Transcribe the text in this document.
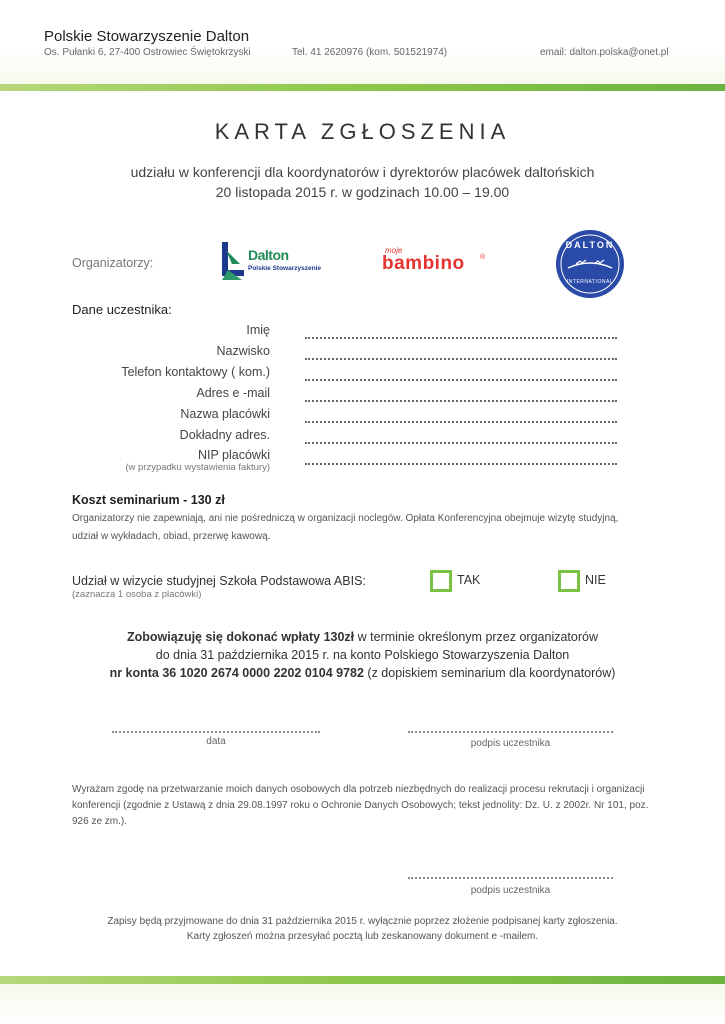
Polskie Stowarzyszenie Dalton
Os. Pułanki 6, 27-400 Ostrowiec Świętokrzyski	Tel. 41 2620976 (kom. 501521974)	email: dalton.polska@onet.pl
KARTA ZGŁOSZENIA
udziału w konferencji dla koordynatorów i dyrektorów placówek daltońskich
20 listopada 2015 r. w godzinach 10.00 – 19.00
Organizatorzy:	Dalton
Polskie Stowarzyszenie
moje
bambino ®
DALTON
INTERNATIONAL
Dane uczestnika:
Imię
Nazwisko
Telefon kontaktowy ( kom.)
Adres e -mail
Nazwa placówki
Dokładny adres.
NIP placówki
(w przypadku wystawienia faktury)
Koszt seminarium - 130 zł
Organizatorzy nie zapewniają, ani nie pośredniczą w organizacji noclegów. Opłata Konferencyjna obejmuje wizytę studyjną, udział w wykładach, obiad, przerwę kawową.
Udział w wizycie studyjnej Szkoła Podstawowa ABIS:
(zaznacza 1 osoba z placówki)
TAK	NIE
Zobowiązuję się dokonać wpłaty 130zł w terminie określonym przez organizatorów
do dnia 31 października 2015 r. na konto Polskiego Stowarzyszenia Dalton
nr konta 36 1020 2674 0000 2202 0104 9782 (z dopiskiem seminarium dla koordynatorów)
data	podpis uczestnika
Wyrażam zgodę na przetwarzanie moich danych osobowych dla potrzeb niezbędnych do realizacji procesu rekrutacji i organizacji konferencji (zgodnie z Ustawą z dnia 29.08.1997 roku o Ochronie Danych Osobowych; tekst jednolity: Dz. U. z 2002r. Nr 101, poz. 926 ze zm.).
podpis uczestnika
Zapisy będą przyjmowane do dnia 31 października 2015 r. wyłącznie poprzez złożenie podpisanej karty zgłoszenia.
Karty zgłoszeń można przesyłać pocztą lub zeskanowany dokument e -mailem.
